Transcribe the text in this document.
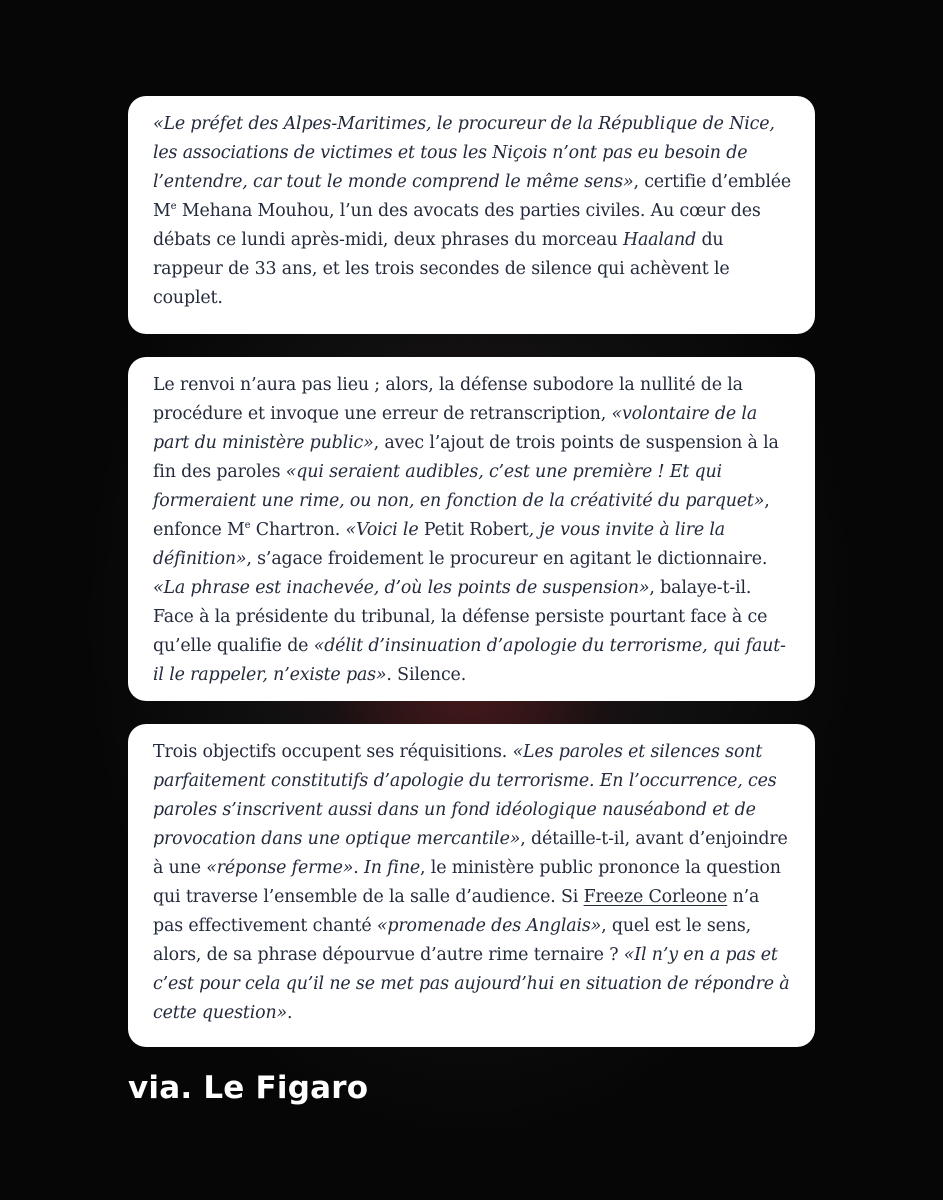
«Le préfet des Alpes-Maritimes, le procureur de la République de Nice, les associations de victimes et tous les Niçois n’ont pas eu besoin de l’entendre, car tout le monde comprend le même sens», certifie d’emblée Me Mehana Mouhou, l’un des avocats des parties civiles. Au cœur des débats ce lundi après-midi, deux phrases du morceau Haaland du rappeur de 33 ans, et les trois secondes de silence qui achèvent le couplet.

Le renvoi n’aura pas lieu ; alors, la défense subodore la nullité de la procédure et invoque une erreur de retranscription, «volontaire de la part du ministère public», avec l’ajout de trois points de suspension à la fin des paroles «qui seraient audibles, c’est une première ! Et qui formeraient une rime, ou non, en fonction de la créativité du parquet», enfonce Me Chartron. «Voici le Petit Robert, je vous invite à lire la définition», s’agace froidement le procureur en agitant le dictionnaire. «La phrase est inachevée, d’où les points de suspension», balaye-t-il. Face à la présidente du tribunal, la défense persiste pourtant face à ce qu’elle qualifie de «délit d’insinuation d’apologie du terrorisme, qui faut-il le rappeler, n’existe pas». Silence.

Trois objectifs occupent ses réquisitions. «Les paroles et silences sont parfaitement constitutifs d’apologie du terrorisme. En l’occurrence, ces paroles s’inscrivent aussi dans un fond idéologique nauséabond et de provocation dans une optique mercantile», détaille-t-il, avant d’enjoindre à une «réponse ferme». In fine, le ministère public prononce la question qui traverse l’ensemble de la salle d’audience. Si Freeze Corleone n’a pas effectivement chanté «promenade des Anglais», quel est le sens, alors, de sa phrase dépourvue d’autre rime ternaire ? «Il n’y en a pas et c’est pour cela qu’il ne se met pas aujourd’hui en situation de répondre à cette question».

via. Le Figaro
